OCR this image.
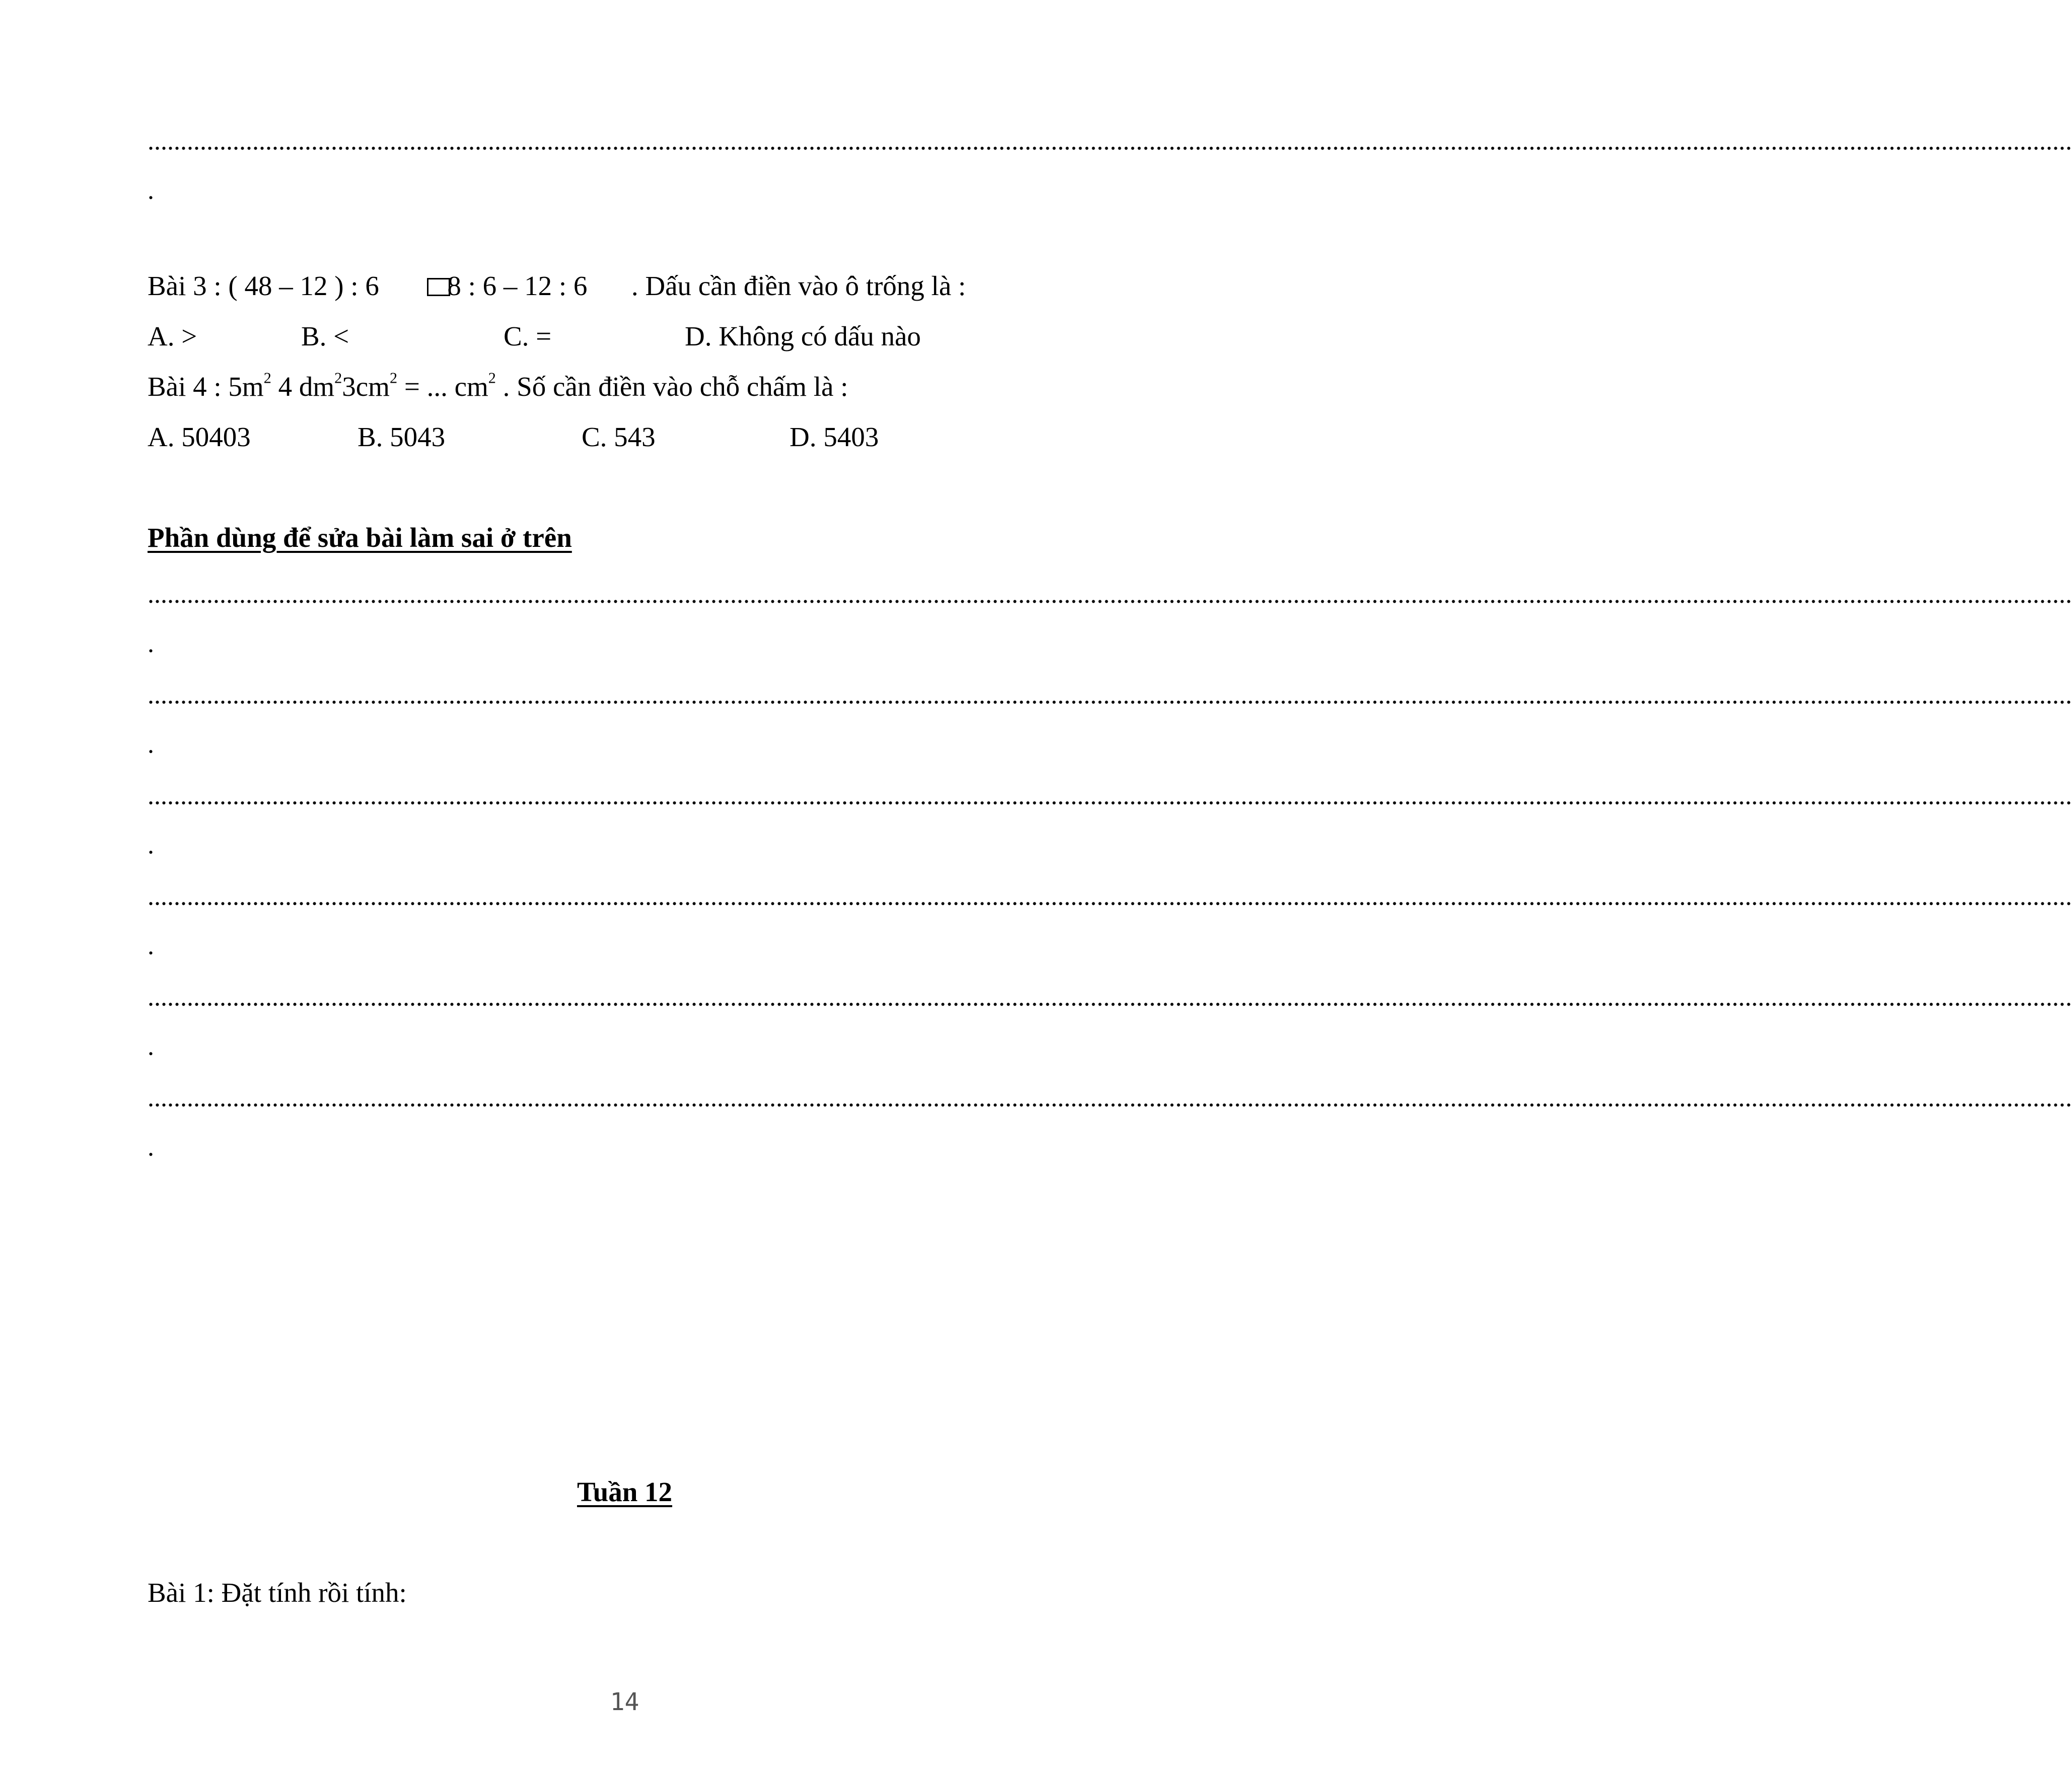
......................................................................................................................................................................................................................................................................................................
.
Bài 3 : ( 48 – 12 ) : 6 8 : 6 – 12 : 6 . Dấu cần điền vào ô trống là :
A. >	B. <	C. =	D. Không có dấu nào
Bài 4 : $5m^2$ 4 $dm^23cm^2$ = ... $cm^2$ . Số cần điền vào chỗ chấm là :
A. 50403	B. 5043	C. 543	D. 5403
Phần dùng để sửa bài làm sai ở trên
......................................................................................................................................................................................................................................................................................................
.
......................................................................................................................................................................................................................................................................................................
.
......................................................................................................................................................................................................................................................................................................
.
......................................................................................................................................................................................................................................................................................................
.
......................................................................................................................................................................................................................................................................................................
.
......................................................................................................................................................................................................................................................................................................
.
Tuần 12
Bài 1: Đặt tính rồi tính:
14
